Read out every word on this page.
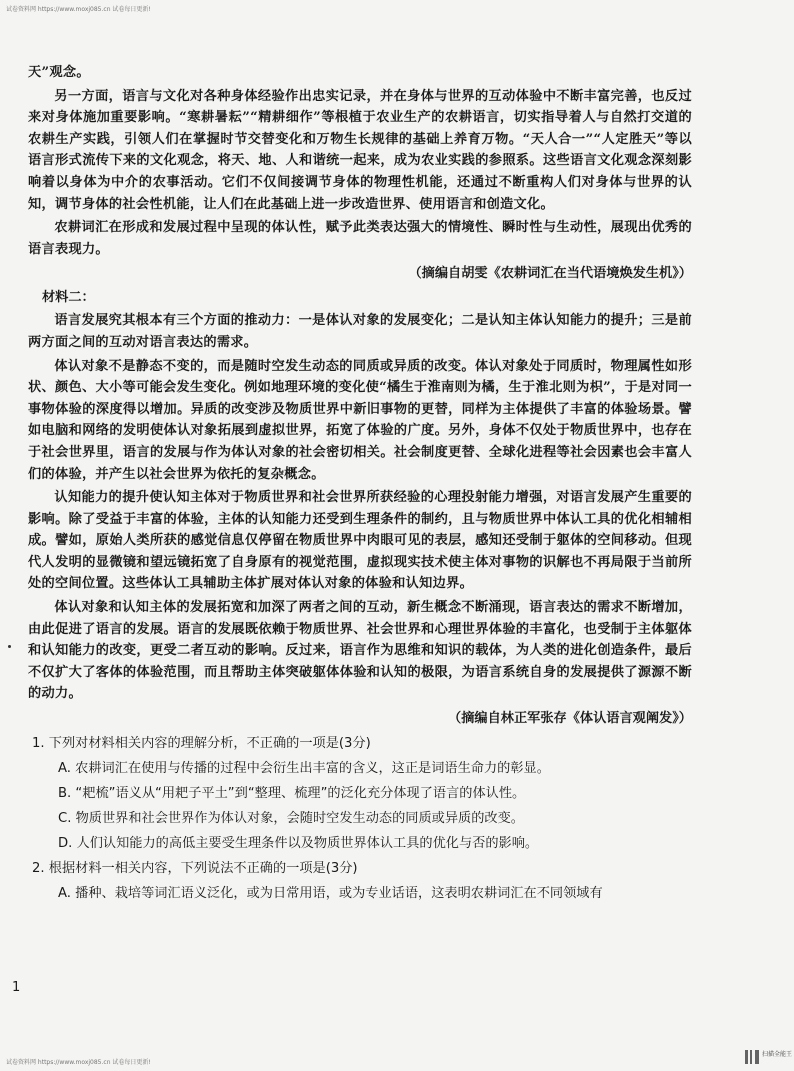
试卷资料网 https://www.moxj085.cn 试卷每日更新!

天”观念。

另一方面，语言与文化对各种身体经验作出忠实记录，并在身体与世界的互动体验中不断丰富完善，也反过来对身体施加重要影响。“寒耕暑耘”“精耕细作”等根植于农业生产的农耕语言，切实指导着人与自然打交道的农耕生产实践，引领人们在掌握时节交替变化和万物生长规律的基础上养育万物。“天人合一”“人定胜天”等以语言形式流传下来的文化观念，将天、地、人和谐统一起来，成为农业实践的参照系。这些语言文化观念深刻影响着以身体为中介的农事活动。它们不仅间接调节身体的物理性机能，还通过不断重构人们对身体与世界的认知，调节身体的社会性机能，让人们在此基础上进一步改造世界、使用语言和创造文化。

农耕词汇在形成和发展过程中呈现的体认性，赋予此类表达强大的情境性、瞬时性与生动性，展现出优秀的语言表现力。

（摘编自胡雯《农耕词汇在当代语境焕发生机》）

材料二：

语言发展究其根本有三个方面的推动力：一是体认对象的发展变化；二是认知主体认知能力的提升；三是前两方面之间的互动对语言表达的需求。

体认对象不是静态不变的，而是随时空发生动态的同质或异质的改变。体认对象处于同质时，物理属性如形状、颜色、大小等可能会发生变化。例如地理环境的变化使“橘生于淮南则为橘，生于淮北则为枳”，于是对同一事物体验的深度得以增加。异质的改变涉及物质世界中新旧事物的更替，同样为主体提供了丰富的体验场景。譬如电脑和网络的发明使体认对象拓展到虚拟世界，拓宽了体验的广度。另外，身体不仅处于物质世界中，也存在于社会世界里，语言的发展与作为体认对象的社会密切相关。社会制度更替、全球化进程等社会因素也会丰富人们的体验，并产生以社会世界为依托的复杂概念。

认知能力的提升使认知主体对于物质世界和社会世界所获经验的心理投射能力增强，对语言发展产生重要的影响。除了受益于丰富的体验，主体的认知能力还受到生理条件的制约，且与物质世界中体认工具的优化相辅相成。譬如，原始人类所获的感觉信息仅停留在物质世界中肉眼可见的表层，感知还受制于躯体的空间移动。但现代人发明的显微镜和望远镜拓宽了自身原有的视觉范围，虚拟现实技术使主体对事物的识解也不再局限于当前所处的空间位置。这些体认工具辅助主体扩展对体认对象的体验和认知边界。

体认对象和认知主体的发展拓宽和加深了两者之间的互动，新生概念不断涌现，语言表达的需求不断增加，由此促进了语言的发展。语言的发展既依赖于物质世界、社会世界和心理世界体验的丰富化，也受制于主体躯体和认知能力的改变，更受二者互动的影响。反过来，语言作为思维和知识的载体，为人类的进化创造条件，最后不仅扩大了客体的体验范围，而且帮助主体突破躯体体验和认知的极限，为语言系统自身的发展提供了源源不断的动力。

（摘编自林正军张存《体认语言观阐发》）

1. 下列对材料相关内容的理解分析，不正确的一项是(3分)

A. 农耕词汇在使用与传播的过程中会衍生出丰富的含义，这正是词语生命力的彰显。

B. “耙梳”语义从“用耙子平土”到“整理、梳理”的泛化充分体现了语言的体认性。

C. 物质世界和社会世界作为体认对象，会随时空发生动态的同质或异质的改变。

D. 人们认知能力的高低主要受生理条件以及物质世界体认工具的优化与否的影响。

2. 根据材料一相关内容，下列说法不正确的一项是(3分)

A. 播种、栽培等词汇语义泛化，或为日常用语，或为专业话语，这表明农耕词汇在不同领域有

1
试卷资料网 https://www.moxj085.cn 试卷每日更新!
扫描全能王
